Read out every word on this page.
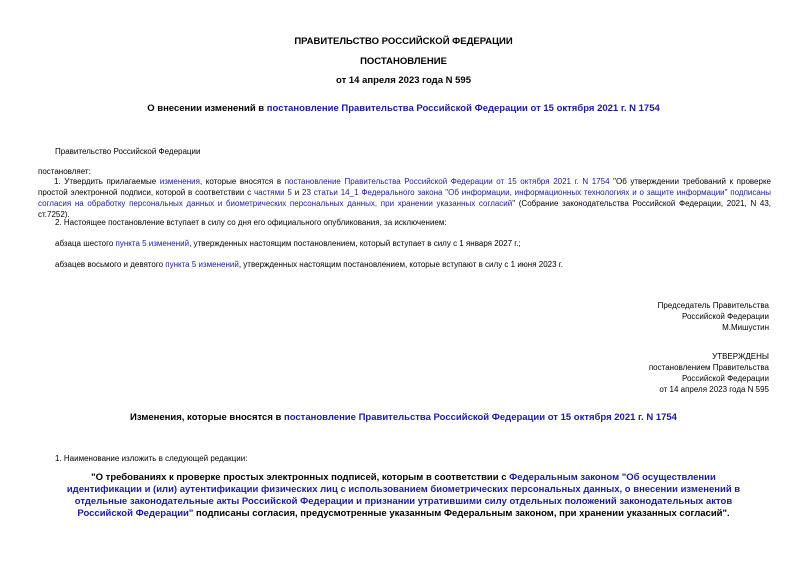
ПРАВИТЕЛЬСТВО РОССИЙСКОЙ ФЕДЕРАЦИИ
ПОСТАНОВЛЕНИЕ
от 14 апреля 2023 года N 595
О внесении изменений в постановление Правительства Российской Федерации от 15 октября 2021 г. N 1754
Правительство Российской Федерации
постановляет:
1. Утвердить прилагаемые изменения, которые вносятся в постановление Правительства Российской Федерации от 15 октября 2021 г. N 1754 "Об утверждении требований к проверке простой электронной подписи, которой в соответствии с частями 5 и 23 статьи 14_1 Федерального закона "Об информации, информационных технологиях и о защите информации" подписаны согласия на обработку персональных данных и биометрических персональных данных, при хранении указанных согласий" (Собрание законодательства Российской Федерации, 2021, N 43, ст.7252).
2. Настоящее постановление вступает в силу со дня его официального опубликования, за исключением:
абзаца шестого пункта 5 изменений, утвержденных настоящим постановлением, который вступает в силу с 1 января 2027 г.;
абзацев восьмого и девятого пункта 5 изменений, утвержденных настоящим постановлением, которые вступают в силу с 1 июня 2023 г.
Председатель Правительства
Российской Федерации
М.Мишустин
УТВЕРЖДЕНЫ
постановлением Правительства
Российской Федерации
от 14 апреля 2023 года N 595
Изменения, которые вносятся в постановление Правительства Российской Федерации от 15 октября 2021 г. N 1754
1. Наименование изложить в следующей редакции:
"О требованиях к проверке простых электронных подписей, которым в соответствии с Федеральным законом "Об осуществлении идентификации и (или) аутентификации физических лиц с использованием биометрических персональных данных, о внесении изменений в отдельные законодательные акты Российской Федерации и признании утратившими силу отдельных положений законодательных актов Российской Федерации" подписаны согласия, предусмотренные указанным Федеральным законом, при хранении указанных согласий".
